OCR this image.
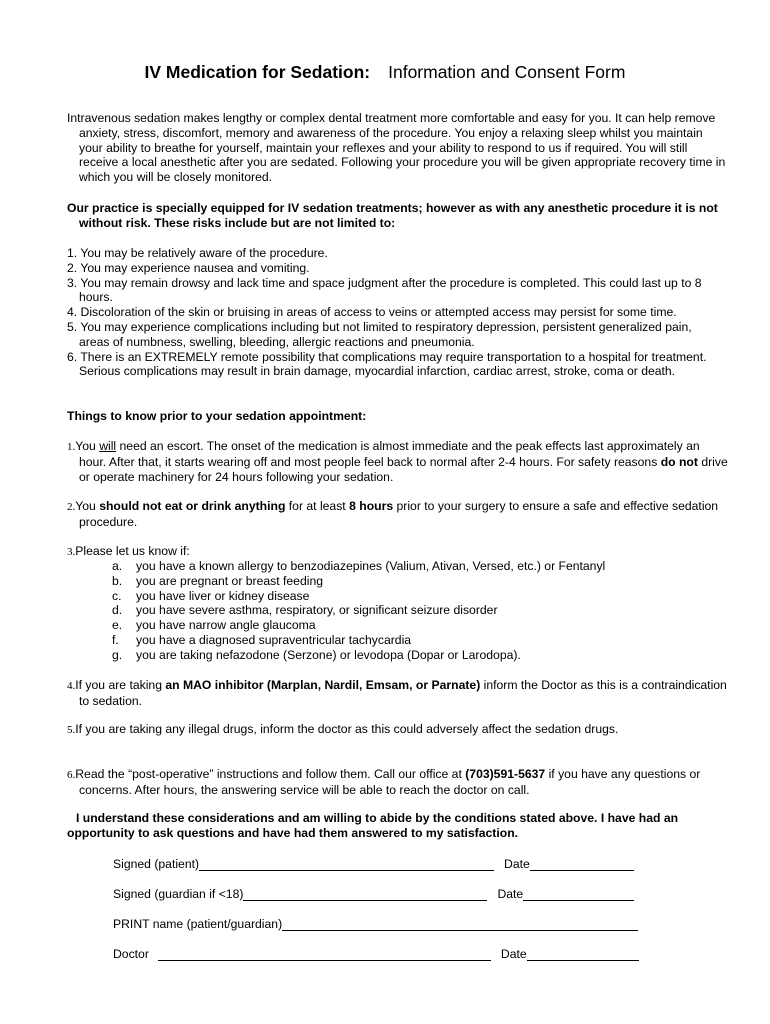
IV Medication for Sedation: Information and Consent Form
Intravenous sedation makes lengthy or complex dental treatment more comfortable and easy for you. It can help remove anxiety, stress, discomfort, memory and awareness of the procedure. You enjoy a relaxing sleep whilst you maintain your ability to breathe for yourself, maintain your reflexes and your ability to respond to us if required. You will still receive a local anesthetic after you are sedated. Following your procedure you will be given appropriate recovery time in which you will be closely monitored.
Our practice is specially equipped for IV sedation treatments; however as with any anesthetic procedure it is not without risk. These risks include but are not limited to:
1. You may be relatively aware of the procedure.
2. You may experience nausea and vomiting.
3. You may remain drowsy and lack time and space judgment after the procedure is completed. This could last up to 8 hours.
4. Discoloration of the skin or bruising in areas of access to veins or attempted access may persist for some time.
5. You may experience complications including but not limited to respiratory depression, persistent generalized pain, areas of numbness, swelling, bleeding, allergic reactions and pneumonia.
6. There is an EXTREMELY remote possibility that complications may require transportation to a hospital for treatment. Serious complications may result in brain damage, myocardial infarction, cardiac arrest, stroke, coma or death.
Things to know prior to your sedation appointment:
1.You will need an escort. The onset of the medication is almost immediate and the peak effects last approximately an hour. After that, it starts wearing off and most people feel back to normal after 2-4 hours. For safety reasons do not drive or operate machinery for 24 hours following your sedation.
2.You should not eat or drink anything for at least 8 hours prior to your surgery to ensure a safe and effective sedation procedure.
3.Please let us know if:
a.	you have a known allergy to benzodiazepines (Valium, Ativan, Versed, etc.) or Fentanyl
b.	you are pregnant or breast feeding
c.	you have liver or kidney disease
d.	you have severe asthma, respiratory, or significant seizure disorder
e.	you have narrow angle glaucoma
f.	you have a diagnosed supraventricular tachycardia
g.	you are taking nefazodone (Serzone) or levodopa (Dopar or Larodopa).
4.If you are taking an MAO inhibitor (Marplan, Nardil, Emsam, or Parnate) inform the Doctor as this is a contraindication to sedation.
5.If you are taking any illegal drugs, inform the doctor as this could adversely affect the sedation drugs.
6.Read the “post-operative” instructions and follow them. Call our office at (703)591-5637 if you have any questions or concerns. After hours, the answering service will be able to reach the doctor on call.
I understand these considerations and am willing to abide by the conditions stated above. I have had an opportunity to ask questions and have had them answered to my satisfaction.
Signed (patient)	Date
Signed (guardian if <18)	Date
PRINT name (patient/guardian)
Doctor	Date
